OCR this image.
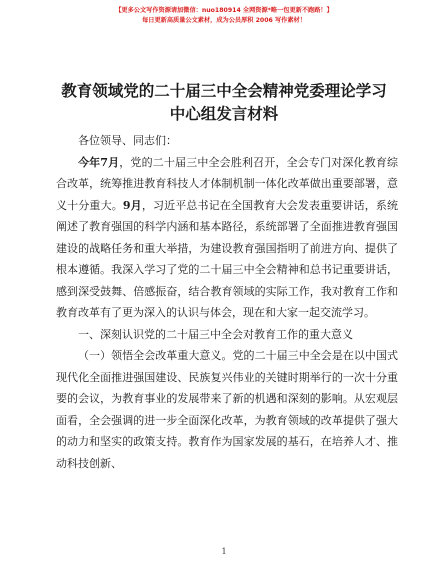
【更多公文写作资源请加微信：nuo180914 全网资源*略一包更新不跑路！】
每日更新高质量公文素材，成为公员厚积 2006 写作素材！
教育领域党的二十届三中全会精神党委理论学习中心组发言材料

各位领导、同志们：

今年7月，党的二十届三中全会胜利召开，全会专门对深化教育综合改革，统筹推进教育科技人才体制机制一体化改革做出重要部署，意义十分重大。9月，习近平总书记在全国教育大会发表重要讲话，系统阐述了教育强国的科学内涵和基本路径，系统部署了全面推进教育强国建设的战略任务和重大举措，为建设教育强国指明了前进方向、提供了根本遵循。我深入学习了党的二十届三中全会精神和总书记重要讲话，感到深受鼓舞、倍感振奋，结合教育领域的实际工作，我对教育工作和教育改革有了更为深入的认识与体会，现在和大家一起交流学习。

一、深刻认识党的二十届三中全会对教育工作的重大意义

（一）领悟全会改革重大意义。党的二十届三中全会是在以中国式现代化全面推进强国建设、民族复兴伟业的关键时期举行的一次十分重要的会议，为教育事业的发展带来了新的机遇和深刻的影响。从宏观层面看，全会强调的进一步全面深化改革，为教育领域的改革提供了强大的动力和坚实的政策支持。教育作为国家发展的基石，在培养人才、推动科技创新、

1
